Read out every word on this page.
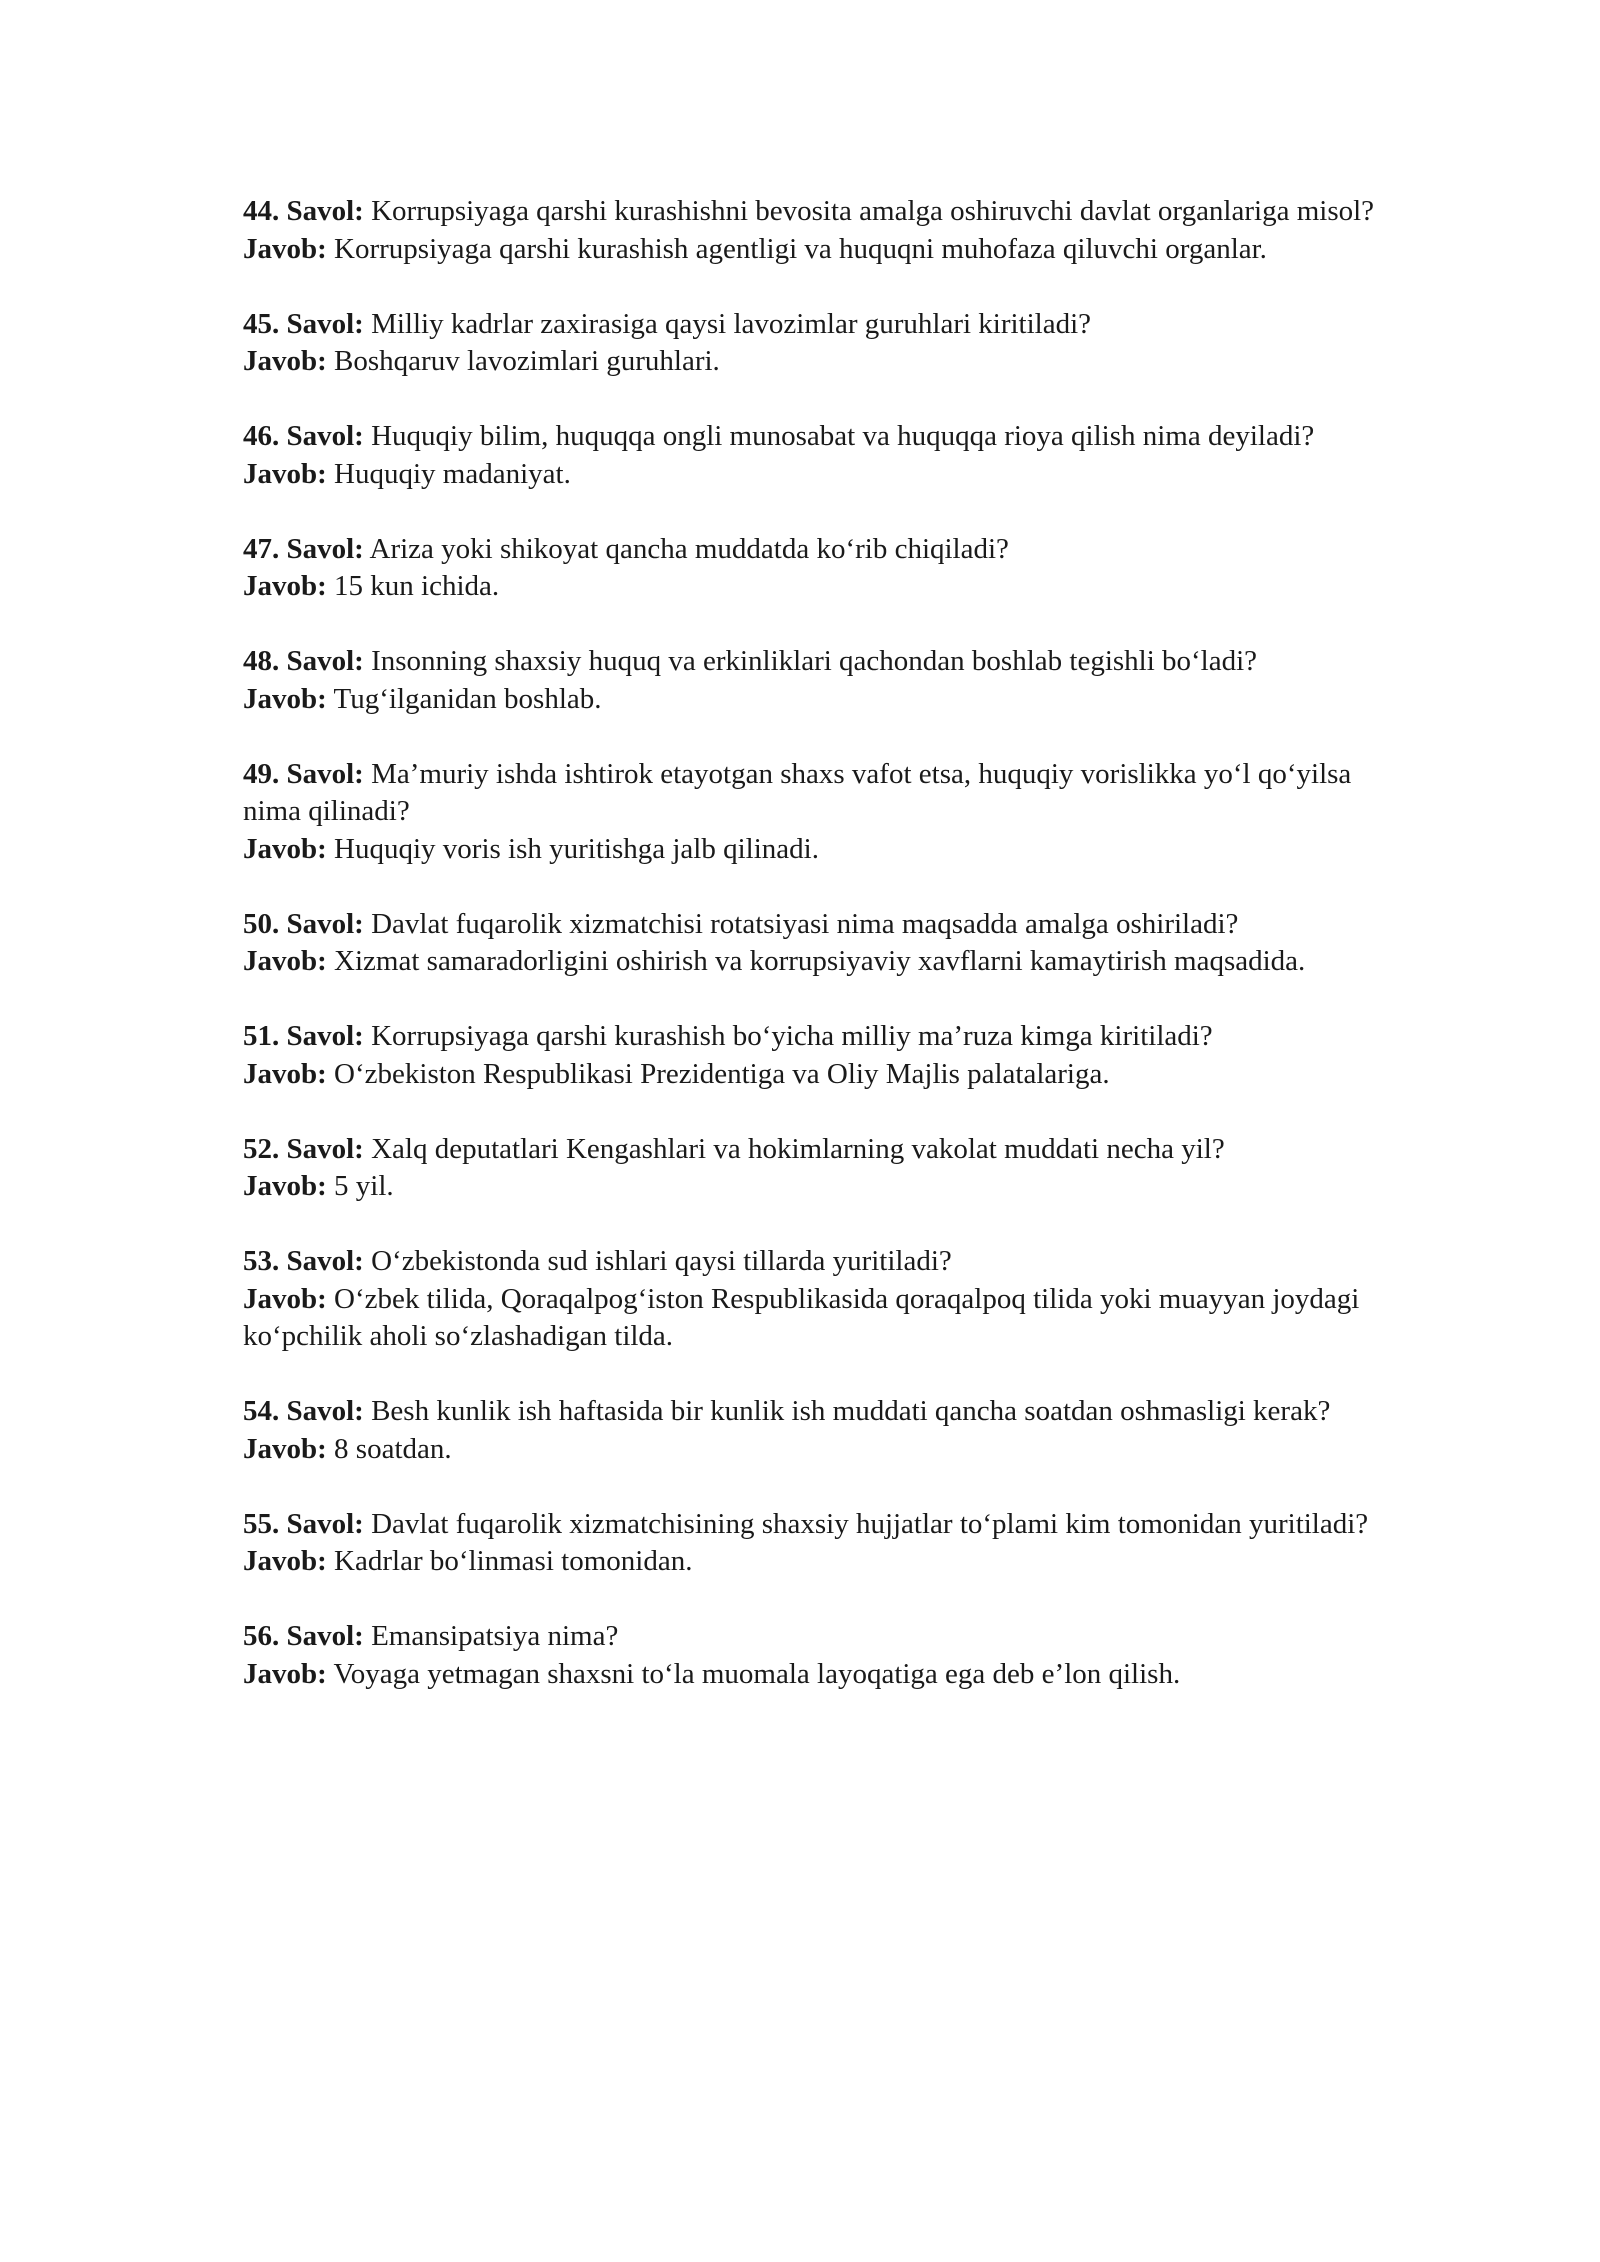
44. Savol: Korrupsiyaga qarshi kurashishni bevosita amalga oshiruvchi davlat organlariga misol?

Javob: Korrupsiyaga qarshi kurashish agentligi va huquqni muhofaza qiluvchi organlar.

45. Savol: Milliy kadrlar zaxirasiga qaysi lavozimlar guruhlari kiritiladi?

Javob: Boshqaruv lavozimlari guruhlari.

46. Savol: Huquqiy bilim, huquqqa ongli munosabat va huquqqa rioya qilish nima deyiladi?

Javob: Huquqiy madaniyat.

47. Savol: Ariza yoki shikoyat qancha muddatda ko‘rib chiqiladi?

Javob: 15 kun ichida.

48. Savol: Insonning shaxsiy huquq va erkinliklari qachondan boshlab tegishli bo‘ladi?

Javob: Tug‘ilganidan boshlab.

49. Savol: Ma’muriy ishda ishtirok etayotgan shaxs vafot etsa, huquqiy vorislikka yo‘l qo‘yilsa nima qilinadi?

Javob: Huquqiy voris ish yuritishga jalb qilinadi.

50. Savol: Davlat fuqarolik xizmatchisi rotatsiyasi nima maqsadda amalga oshiriladi?

Javob: Xizmat samaradorligini oshirish va korrupsiyaviy xavflarni kamaytirish maqsadida.

51. Savol: Korrupsiyaga qarshi kurashish bo‘yicha milliy ma’ruza kimga kiritiladi?

Javob: O‘zbekiston Respublikasi Prezidentiga va Oliy Majlis palatalariga.

52. Savol: Xalq deputatlari Kengashlari va hokimlarning vakolat muddati necha yil?

Javob: 5 yil.

53. Savol: O‘zbekistonda sud ishlari qaysi tillarda yuritiladi?

Javob: O‘zbek tilida, Qoraqalpog‘iston Respublikasida qoraqalpoq tilida yoki muayyan joydagi ko‘pchilik aholi so‘zlashadigan tilda.

54. Savol: Besh kunlik ish haftasida bir kunlik ish muddati qancha soatdan oshmasligi kerak?

Javob: 8 soatdan.

55. Savol: Davlat fuqarolik xizmatchisining shaxsiy hujjatlar to‘plami kim tomonidan yuritiladi?

Javob: Kadrlar bo‘linmasi tomonidan.

56. Savol: Emansipatsiya nima?

Javob: Voyaga yetmagan shaxsni to‘la muomala layoqatiga ega deb e’lon qilish.
